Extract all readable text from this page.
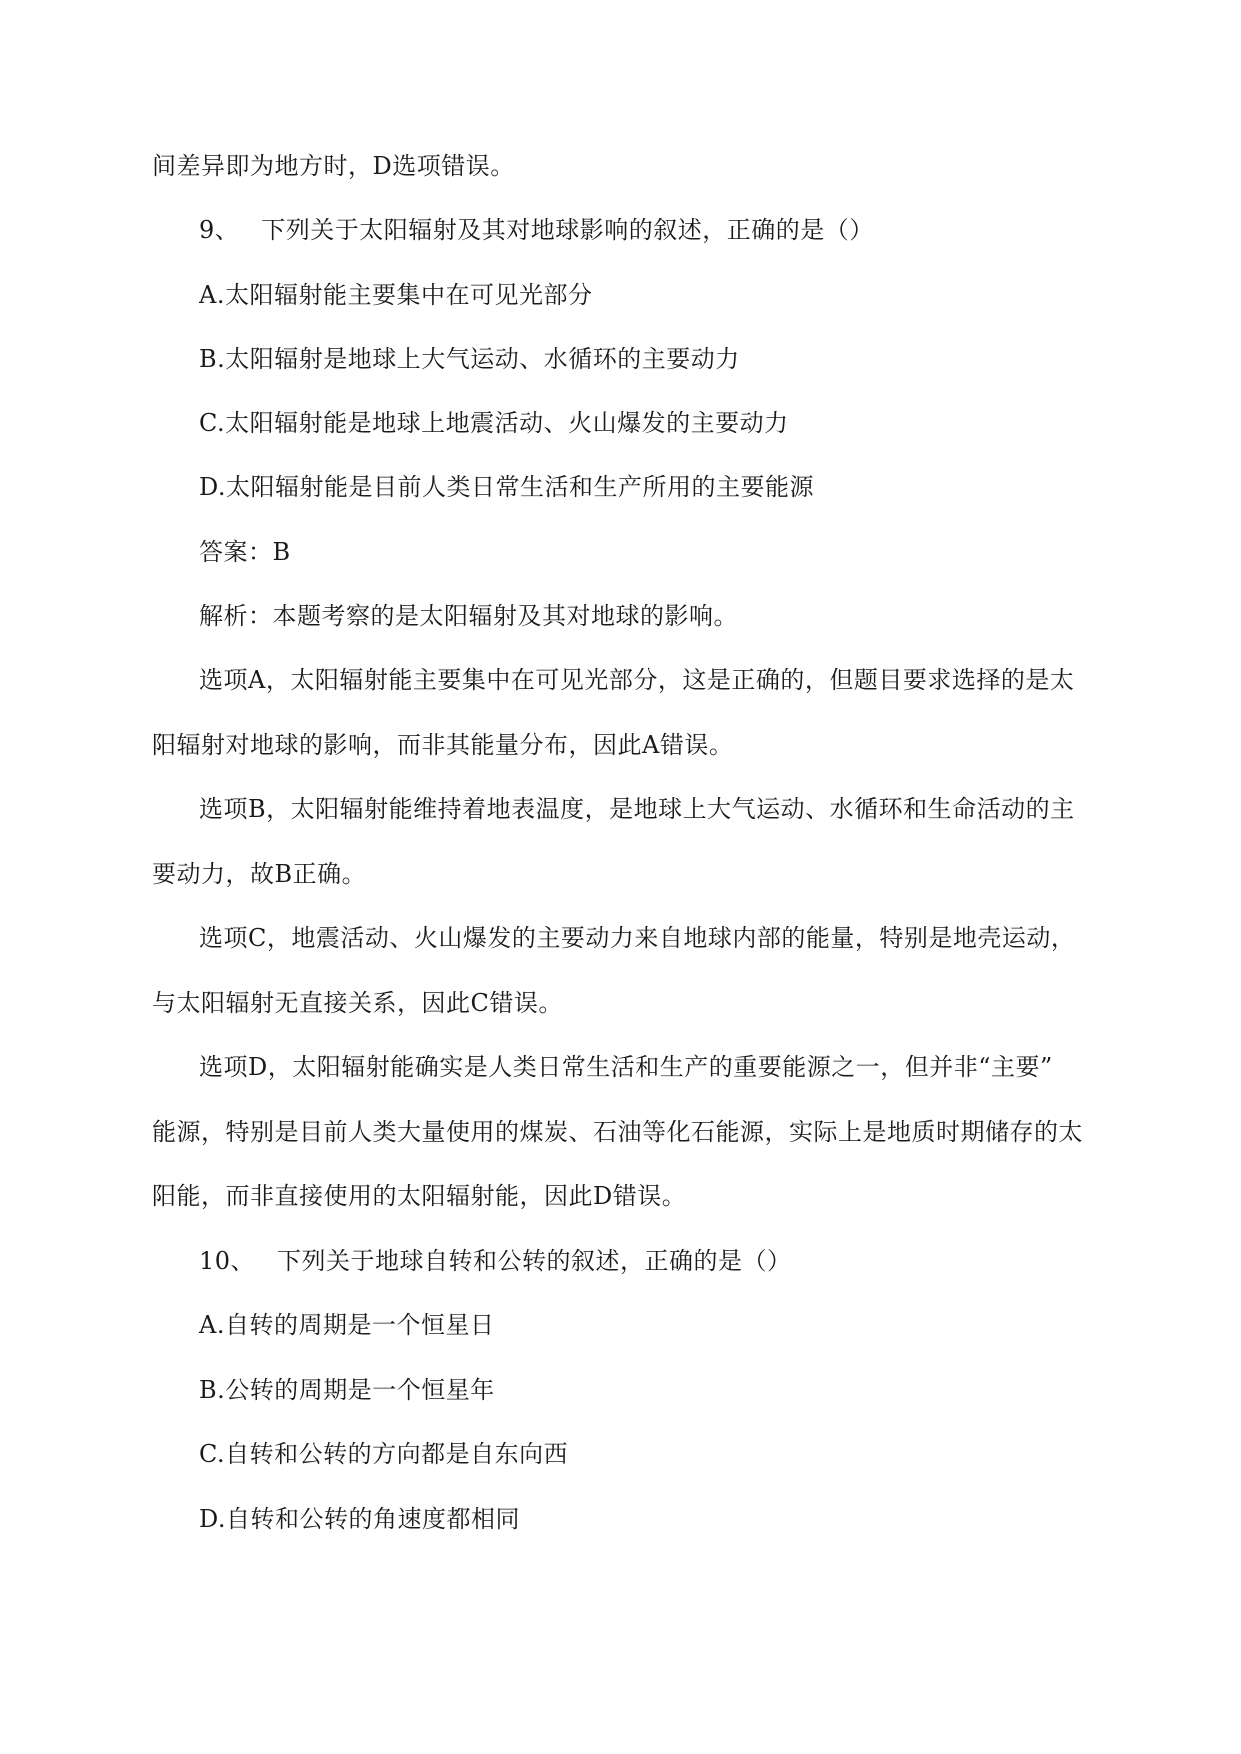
间差异即为地方时，D选项错误。
9、 下列关于太阳辐射及其对地球影响的叙述，正确的是（）
A.太阳辐射能主要集中在可见光部分
B.太阳辐射是地球上大气运动、水循环的主要动力
C.太阳辐射能是地球上地震活动、火山爆发的主要动力
D.太阳辐射能是目前人类日常生活和生产所用的主要能源
答案：B
解析：本题考察的是太阳辐射及其对地球的影响。
选项A，太阳辐射能主要集中在可见光部分，这是正确的，但题目要求选择的是太
阳辐射对地球的影响，而非其能量分布，因此A错误。
选项B，太阳辐射能维持着地表温度，是地球上大气运动、水循环和生命活动的主
要动力，故B正确。
选项C，地震活动、火山爆发的主要动力来自地球内部的能量，特别是地壳运动，
与太阳辐射无直接关系，因此C错误。
选项D，太阳辐射能确实是人类日常生活和生产的重要能源之一，但并非“主要”
能源，特别是目前人类大量使用的煤炭、石油等化石能源，实际上是地质时期储存的太
阳能，而非直接使用的太阳辐射能，因此D错误。
10、 下列关于地球自转和公转的叙述，正确的是（）
A.自转的周期是一个恒星日
B.公转的周期是一个恒星年
C.自转和公转的方向都是自东向西
D.自转和公转的角速度都相同
